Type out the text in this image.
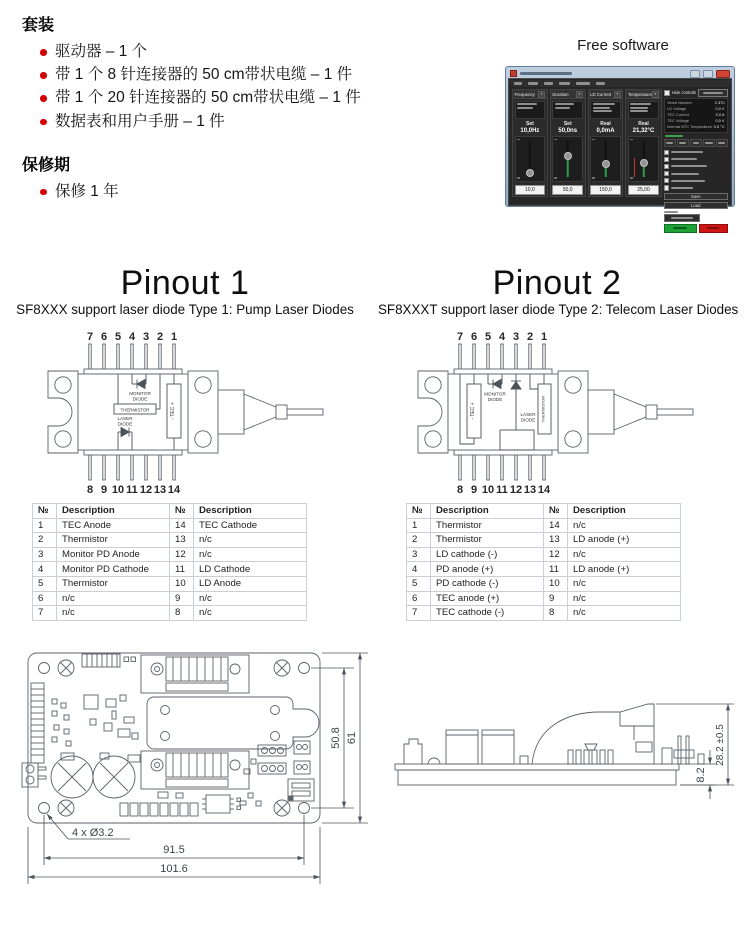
套装
驱动器 – 1 个
带 1 个 8 针连接器的 50 cm带状电缆 – 1 件
带 1 个 20 针连接器的 50 cm带状电缆 – 1 件
数据表和用户手册 – 1 件
保修期
保修 1 年
Free software
Frequency	▾
Set
10,0Hz
10,0
Duration	▾
Set
50,0ns
50,0
LD Current	▾
Real
0,0mA
150,0
Temperature ▾
Real
21,32°C
25,00
Hide controls
Serial Number	2.370
LD Voltage	0,0 V
TEC Current	0,0 A
TEC Voltage	0,0 V
Internal NTC Temperature 0,0 °C
Save
Load
Pinout 1	Pinout 2
SF8XXX support laser diode Type 1: Pump Laser Diodes	SF8XXXT support laser diode Type 2: Telecom Laser Diodes
7 6 5 4 3 2 1
8 9 10 11 12 13 14
MONITOR
DIODE
THERMISTOR
LASER
DIODE
- TEC +
7 6 5 4 3 2 1
8 9 10 11 12 13 14
MONITOR
DIODE
LASER
DIODE
- TEC +	THERMISTOR
№	Description	№	Description
1	TEC Anode	14	TEC Cathode
2	Thermistor	13	n/c
3	Monitor PD Anode	12	n/c
4	Monitor PD Cathode	11	LD Cathode
5	Thermistor	10	LD Anode
6	n/c	9	n/c
7	n/c	8	n/c
№	Description	№	Description
1	Thermistor	14	n/c
2	Thermistor	13	LD anode (+)
3	LD cathode (-)	12	n/c
4	PD anode (+)	11	LD anode (+)
5	PD cathode (-)	10	n/c
6	TEC anode (+)	9	n/c
7	TEC cathode (-)	8	n/c
4 x Ø3.2
91.5
101.6
50.8 61
8.2
28.2 ±0.5
